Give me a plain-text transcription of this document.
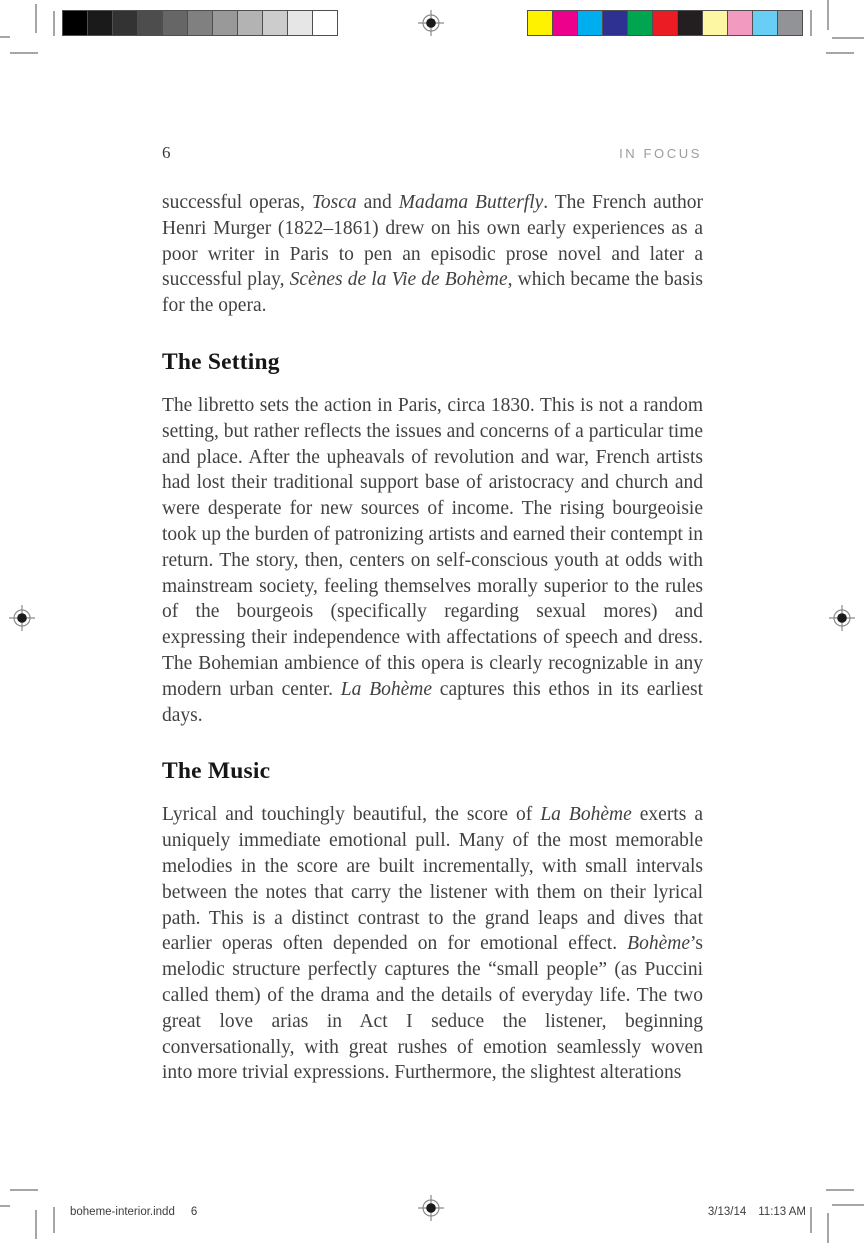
6	IN FOCUS

successful operas, Tosca and Madama Butterfly. The French author Henri Murger (1822–1861) drew on his own early experiences as a poor writer in Paris to pen an episodic prose novel and later a successful play, Scènes de la Vie de Bohème, which became the basis for the opera.

The Setting

The libretto sets the action in Paris, circa 1830. This is not a random setting, but rather reflects the issues and concerns of a particular time and place. After the upheavals of revolution and war, French artists had lost their traditional support base of aristocracy and church and were desperate for new sources of income. The rising bourgeoisie took up the burden of patronizing artists and earned their contempt in return. The story, then, centers on self-conscious youth at odds with mainstream society, feeling themselves morally superior to the rules of the bourgeois (specifically regarding sexual mores) and expressing their independence with affectations of speech and dress. The Bohemian ambience of this opera is clearly recognizable in any modern urban center. La Bohème captures this ethos in its earliest days.

The Music

Lyrical and touchingly beautiful, the score of La Bohème exerts a uniquely immediate emotional pull. Many of the most memorable melodies in the score are built incrementally, with small intervals between the notes that carry the listener with them on their lyrical path. This is a distinct contrast to the grand leaps and dives that earlier operas often depended on for emotional effect. Bohème’s melodic structure perfectly captures the “small people” (as Puccini called them) of the drama and the details of everyday life. The two great love arias in Act I seduce the listener, beginning conversationally, with great rushes of emotion seamlessly woven into more trivial expressions. Furthermore, the slightest alterations

boheme-interior.indd 6	3/13/14 11:13 AM
